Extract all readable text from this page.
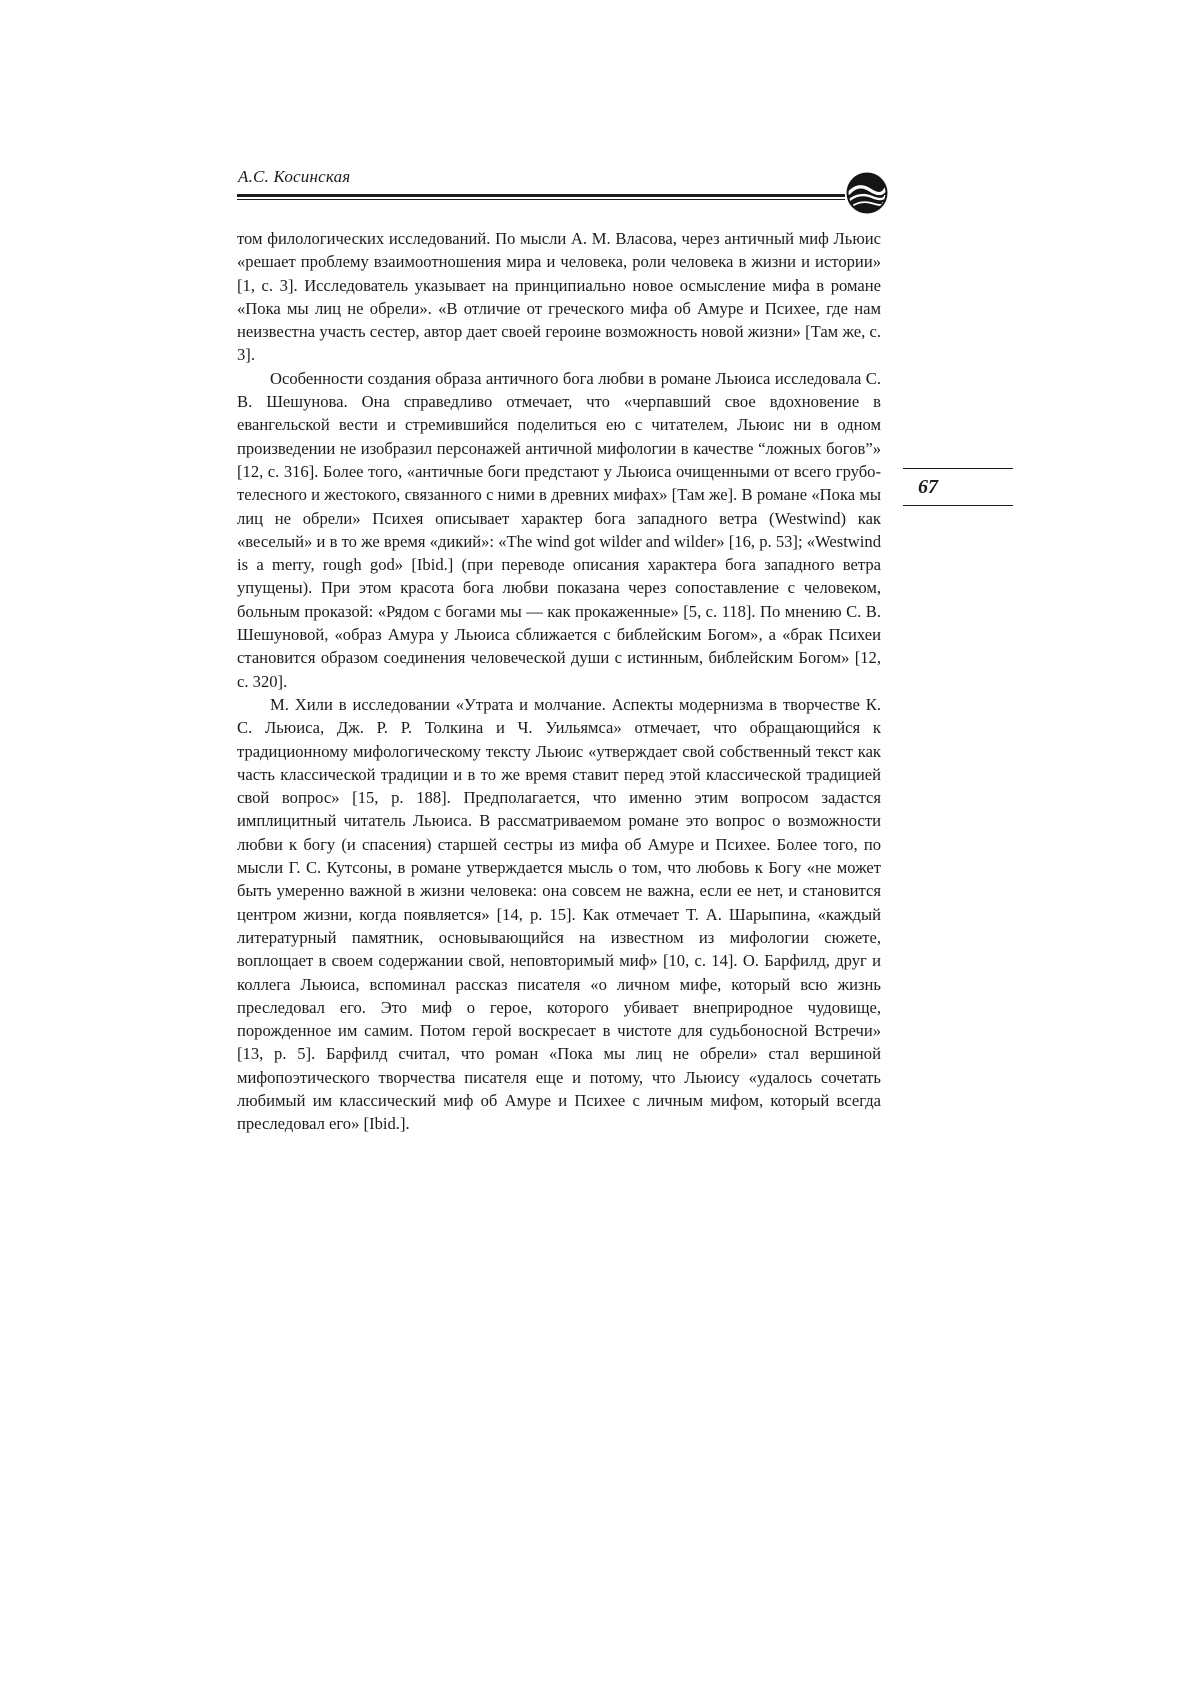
А.С. Косинская
67

том филологических исследований. По мысли А. М. Власова, через античный миф Льюис «решает проблему взаимоотношения мира и человека, роли человека в жизни и истории» [1, с. 3]. Исследователь указывает на принципиально новое осмысление мифа в романе «Пока мы лиц не обрели». «В отличие от греческого мифа об Амуре и Психее, где нам неизвестна участь сестер, автор дает своей героине возможность новой жизни» [Там же, с. 3].

Особенности создания образа античного бога любви в романе Льюиса исследовала С. В. Шешунова. Она справедливо отмечает, что «черпавший свое вдохновение в евангельской вести и стремившийся поделиться ею с читателем, Льюис ни в одном произведении не изобразил персонажей античной мифологии в качестве “ложных богов”» [12, с. 316]. Более того, «античные боги предстают у Льюиса очищенными от всего грубо-телесного и жестокого, связанного с ними в древних мифах» [Там же]. В романе «Пока мы лиц не обрели» Психея описывает характер бога западного ветра (Westwind) как «веселый» и в то же время «дикий»: «The wind got wilder and wilder» [16, p. 53]; «Westwind is a merry, rough god» [Ibid.] (при переводе описания характера бога западного ветра упущены). При этом красота бога любви показана через сопоставление с человеком, больным проказой: «Рядом с богами мы — как прокаженные» [5, с. 118]. По мнению С. В. Шешуновой, «образ Амура у Льюиса сближается с библейским Богом», а «брак Психеи становится образом соединения человеческой души с истинным, библейским Богом» [12, с. 320].

М. Хили в исследовании «Утрата и молчание. Аспекты модернизма в творчестве К. С. Льюиса, Дж. Р. Р. Толкина и Ч. Уильямса» отмечает, что обращающийся к традиционному мифологическому тексту Льюис «утверждает свой собственный текст как часть классической традиции и в то же время ставит перед этой классической традицией свой вопрос» [15, p. 188]. Предполагается, что именно этим вопросом задастся имплицитный читатель Льюиса. В рассматриваемом романе это вопрос о возможности любви к богу (и спасения) старшей сестры из мифа об Амуре и Психее. Более того, по мысли Г. С. Кутсоны, в романе утверждается мысль о том, что любовь к Богу «не может быть умеренно важной в жизни человека: она совсем не важна, если ее нет, и становится центром жизни, когда появляется» [14, p. 15]. Как отмечает Т. А. Шарыпина, «каждый литературный памятник, основывающийся на известном из мифологии сюжете, воплощает в своем содержании свой, неповторимый миф» [10, с. 14]. О. Барфилд, друг и коллега Льюиса, вспоминал рассказ писателя «о личном мифе, который всю жизнь преследовал его. Это миф о герое, которого убивает внеприродное чудовище, порожденное им самим. Потом герой воскресает в чистоте для судьбоносной Встречи» [13, p. 5]. Барфилд считал, что роман «Пока мы лиц не обрели» стал вершиной мифопоэтического творчества писателя еще и потому, что Льюису «удалось сочетать любимый им классический миф об Амуре и Психее с личным мифом, который всегда преследовал его» [Ibid.].
